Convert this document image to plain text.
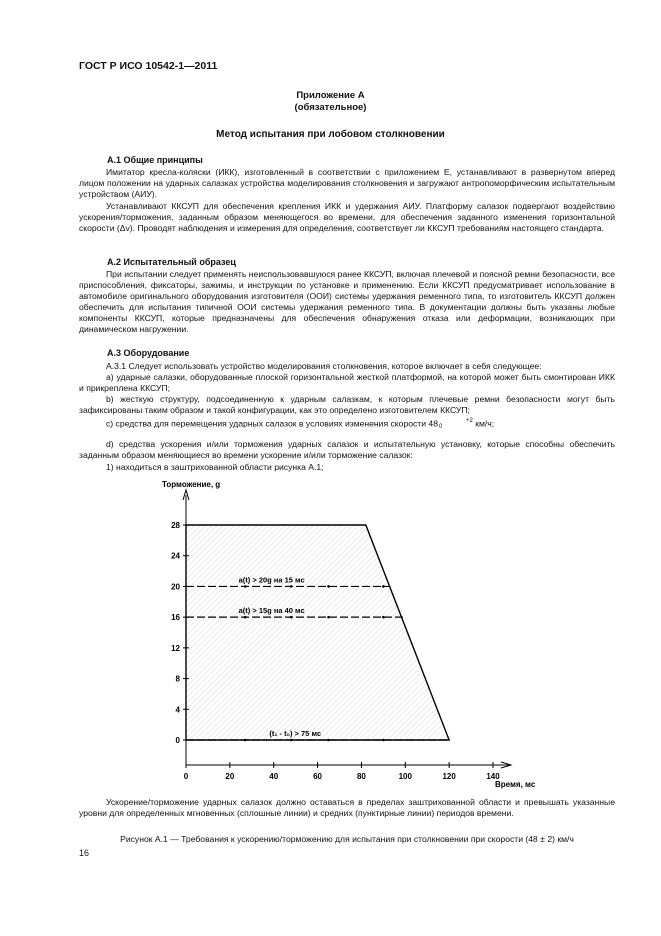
ГОСТ Р ИСО 10542-1—2011
Приложение А
(обязательное)
Метод испытания при лобовом столкновении
А.1 Общие принципы

Имитатор кресла-коляски (ИКК), изготовленный в соответствии с приложением Е, устанавливают в развернутом вперед лицом положении на ударных салазках устройства моделирования столкновения и загружают антропоморфическим испытательным устройством (АИУ).

Устанавливают ККСУП для обеспечения крепления ИКК и удержания АИУ. Платформу салазок подвергают воздействию ускорения/торможения, заданным образом меняющегося во времени, для обеспечения заданного изменения горизонтальной скорости (Δv). Проводят наблюдения и измерения для определения, соответствует ли ККСУП требованиям настоящего стандарта.

А.2 Испытательный образец

При испытании следует применять неиспользовавшуюся ранее ККСУП, включая плечевой и поясной ремни безопасности, все приспособления, фиксаторы, зажимы, и инструкции по установке и применению. Если ККСУП предусматривает использование в автомобиле оригинального оборудования изготовителя (ООИ) системы удержания ременного типа, то изготовитель ККСУП должен обеспечить для испытания типичной ООИ системы удержания ременного типа. В документации должны быть указаны любые компоненты ККСУП, которые предназначены для обеспечения обнаружения отказа или деформации, возникающих при динамическом нагружении.

А.3 Оборудование

А.3.1 Следует использовать устройство моделирования столкновения, которое включает в себя следующее:

а) ударные салазки, оборудованные плоской горизонтальной жесткой платформой, на которой может быть смонтирован ИКК и прикреплена ККСУП;

b) жесткую структуру, подсоединенную к ударным салазкам, к которым плечевые ремни безопасности могут быть зафиксированы таким образом и такой конфигурации, как это определено изготовителем ККСУП;

с) средства для перемещения ударных салазок в условиях изменения скорости 48	+2
0	км/ч;

d) средства ускорения и/или торможения ударных салазок и испытательную установку, которые способны обеспечить заданным образом меняющиеся во времени ускорение и/или торможение салазок:

1) находиться в заштрихованной области рисунка А.1;

Торможение, g
Время, мс
0
4
8
12
16
20
24
28
0	20	40	60	80	100	120	140
a(t) > 20g на 15 мс
a(t) > 15g на 40 мс
(t₁ - t₀) > 75 мс

Ускорение/торможение ударных салазок должно оставаться в пределах заштрихованной области и превышать указанные уровни для определенных мгновенных (сплошные линии) и средних (пунктирные линии) периодов времени.

Рисунок А.1 — Требования к ускорению/торможению для испытания при столкновении при скорости (48 ± 2) км/ч
16
